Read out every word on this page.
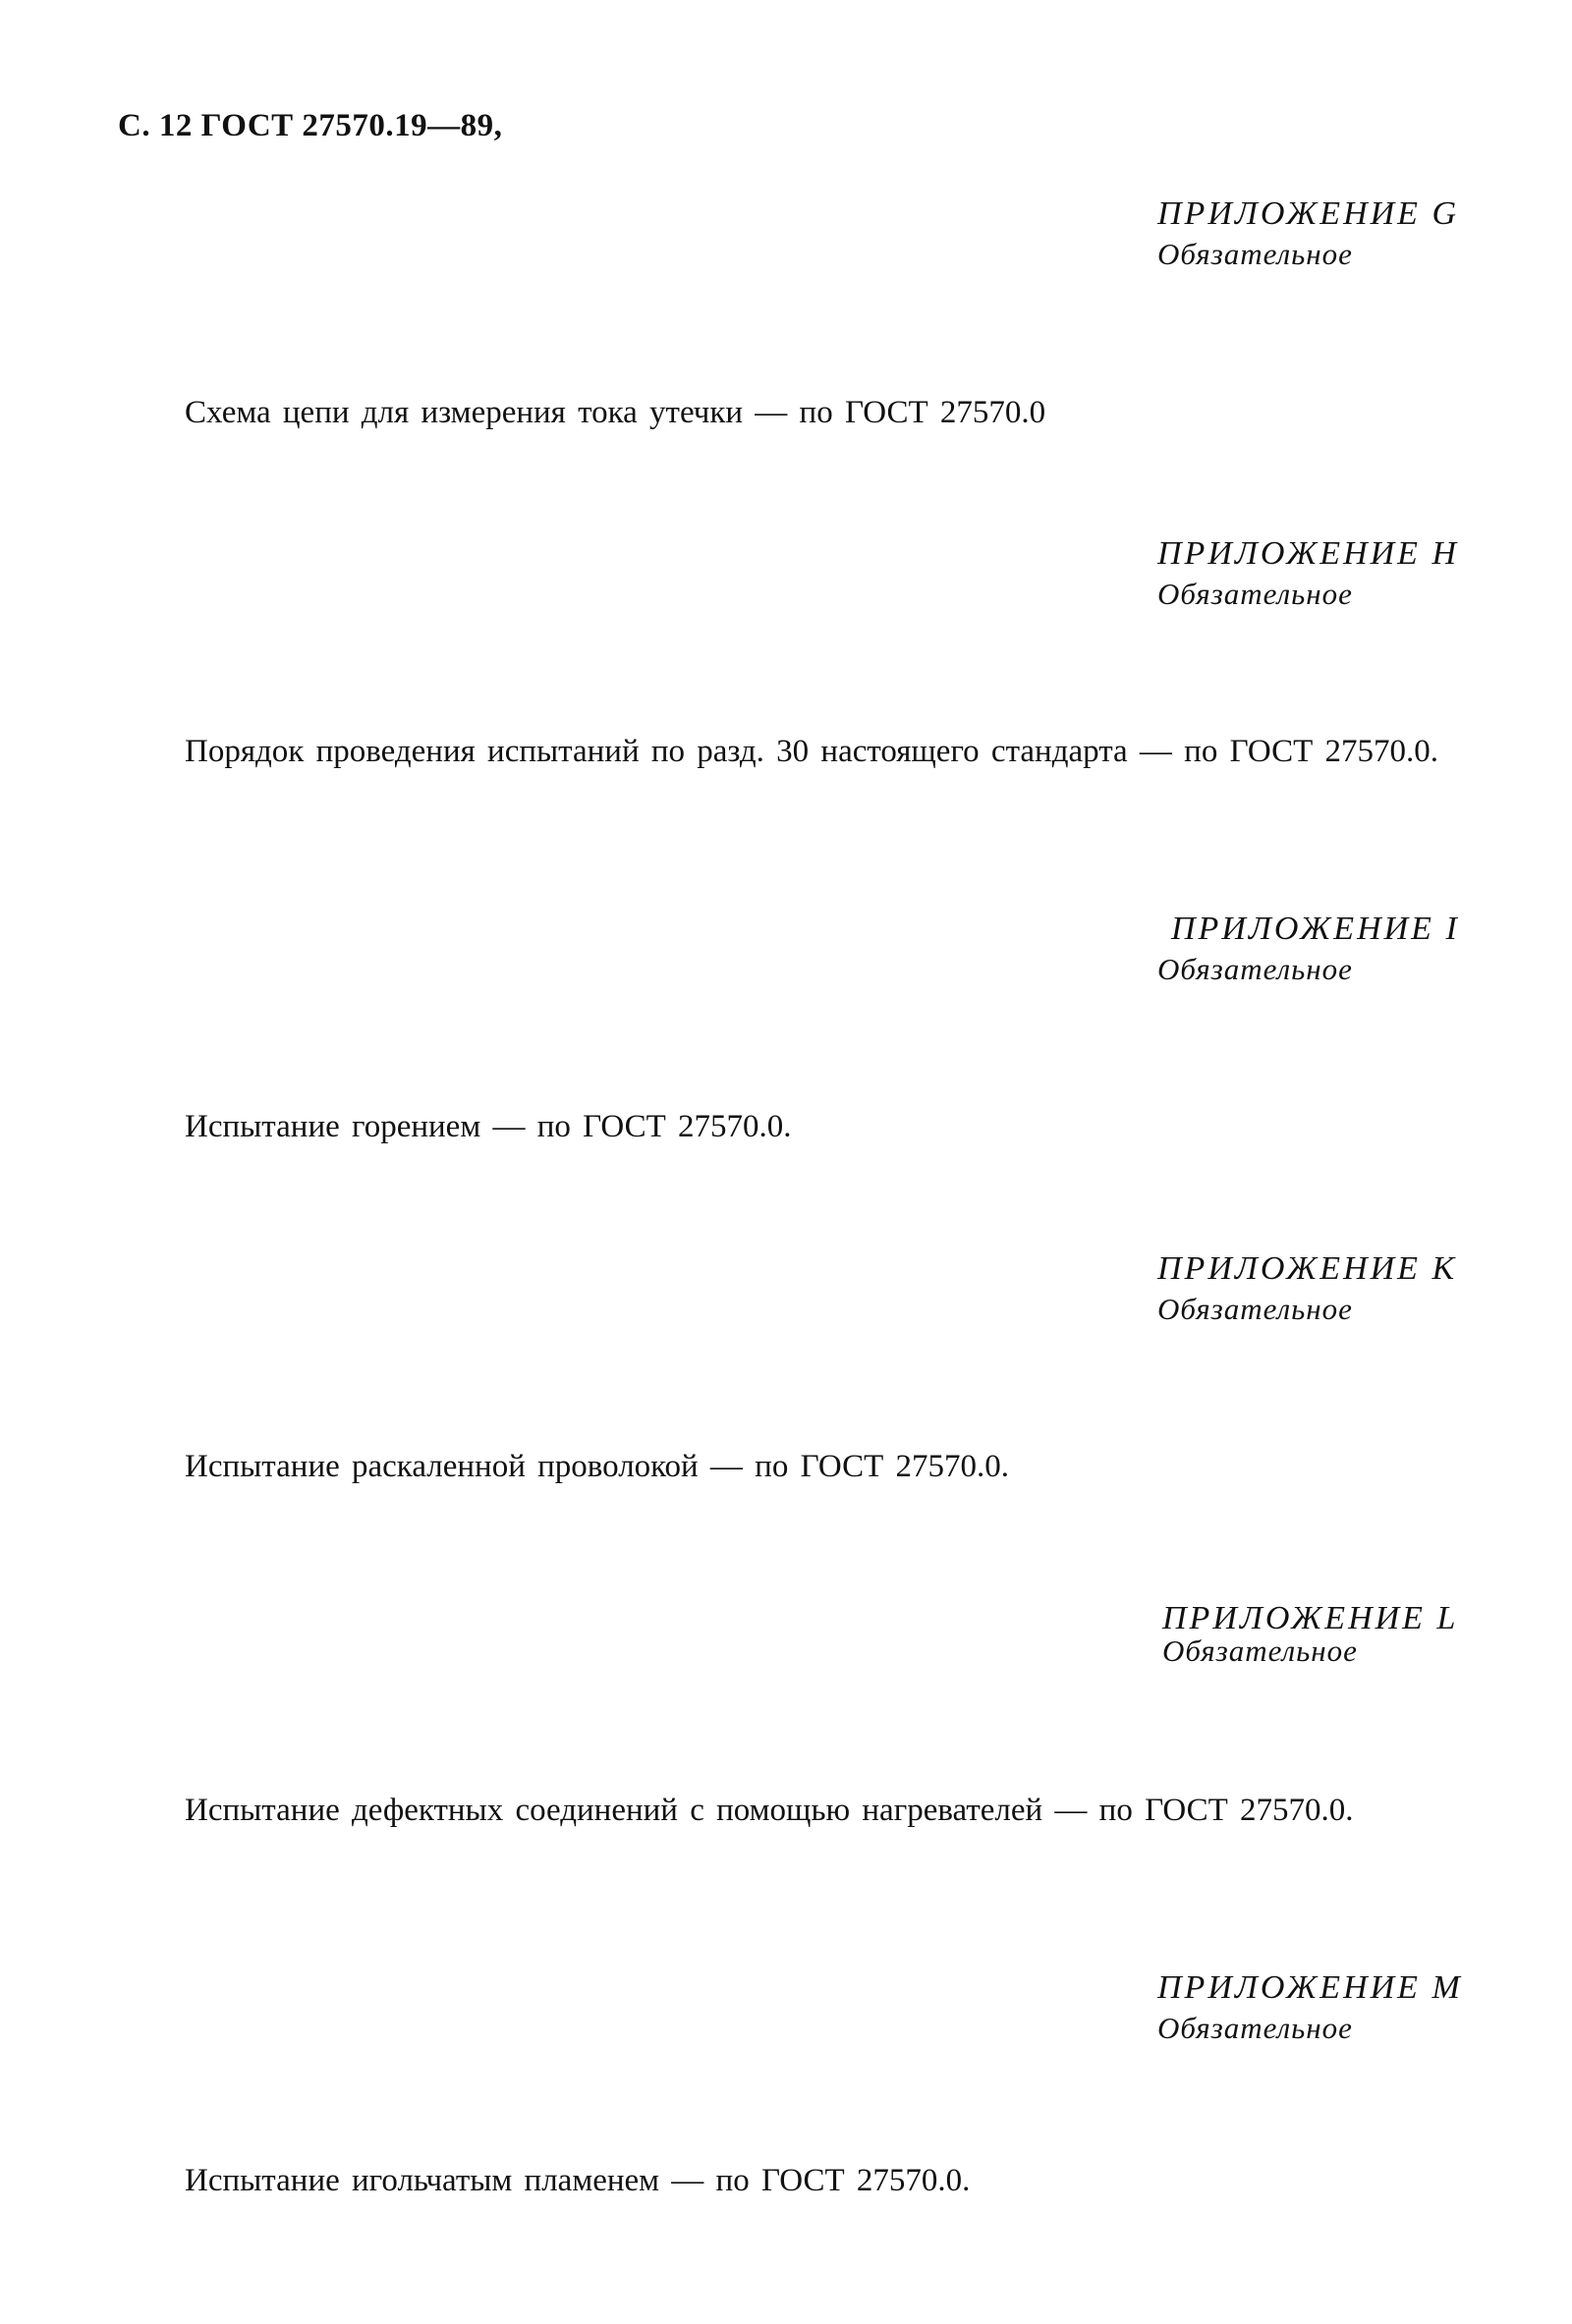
С. 12 ГОСТ 27570.19—89,
ПРИЛОЖЕНИЕ G
Обязательное
Схема цепи для измерения тока утечки — по ГОСТ 27570.0
ПРИЛОЖЕНИЕ H
Обязательное
Порядок проведения испытаний по разд. 30 настоящего стандарта — по ГОСТ 27570.0.
ПРИЛОЖЕНИЕ I
Обязательное
Испытание горением — по ГОСТ 27570.0.
ПРИЛОЖЕНИЕ K
Обязательное
Испытание раскаленной проволокой — по ГОСТ 27570.0.
ПРИЛОЖЕНИЕ L
Обязательное
Испытание дефектных соединений с помощью нагревателей — по ГОСТ 27570.0.
ПРИЛОЖЕНИЕ M
Обязательное
Испытание игольчатым пламенем — по ГОСТ 27570.0.
